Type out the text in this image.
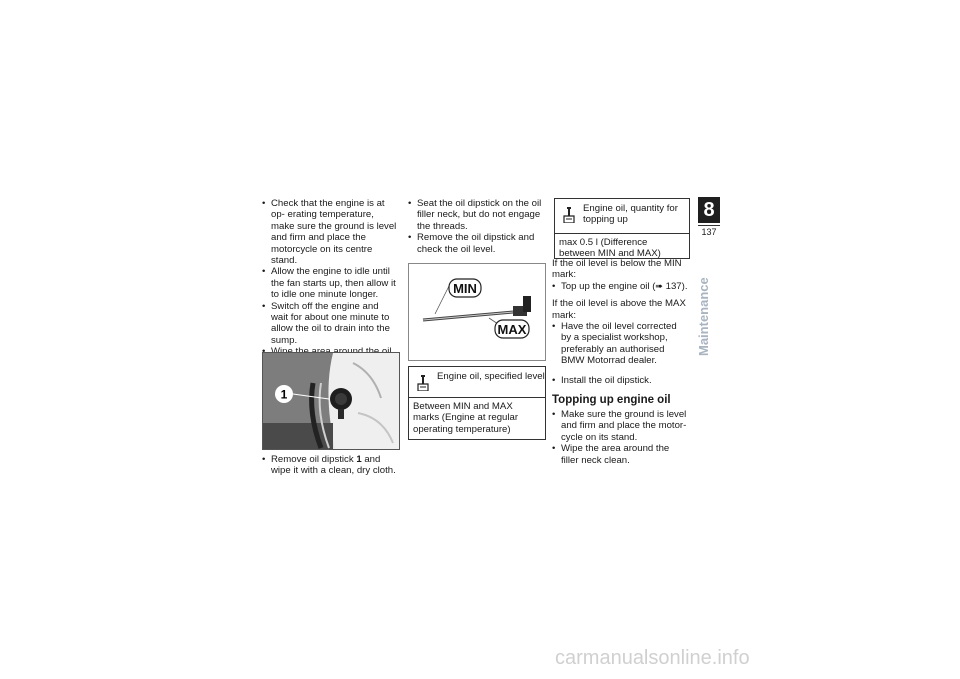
• Check that the engine is at op- erating temperature, make sure the ground is level and firm and place the motorcycle on its centre stand.
• Allow the engine to idle until the fan starts up, then allow it to idle one minute longer.
• Switch off the engine and wait for about one minute to allow the oil to drain into the sump.
•
1
• Remove oil dipstick 1 and wipe it with a clean, dry cloth.
• Seat the oil dipstick on the oil filler neck, but do not engage the threads.
• Remove the oil dipstick and check the oil level.
MIN
MAX
Engine oil, specified level
Between MIN and MAX marks (Engine at regular operating temperature)
Engine oil, quantity for topping up
max 0.5 l (Difference between MIN and MAX)

If the oil level is below the MIN mark:

• Top up the engine oil (➠ 137).

If the oil level is above the MAX mark:

• Have the oil level corrected by a specialist workshop, preferably an authorised BMW Motorrad dealer.
• Install the oil dipstick.
Topping up engine oil
• Make sure the ground is level and firm and place the motor- cycle on its stand.
• Wipe the area around the filler neck clean.
8
137
Maintenance
carmanualsonline.info
